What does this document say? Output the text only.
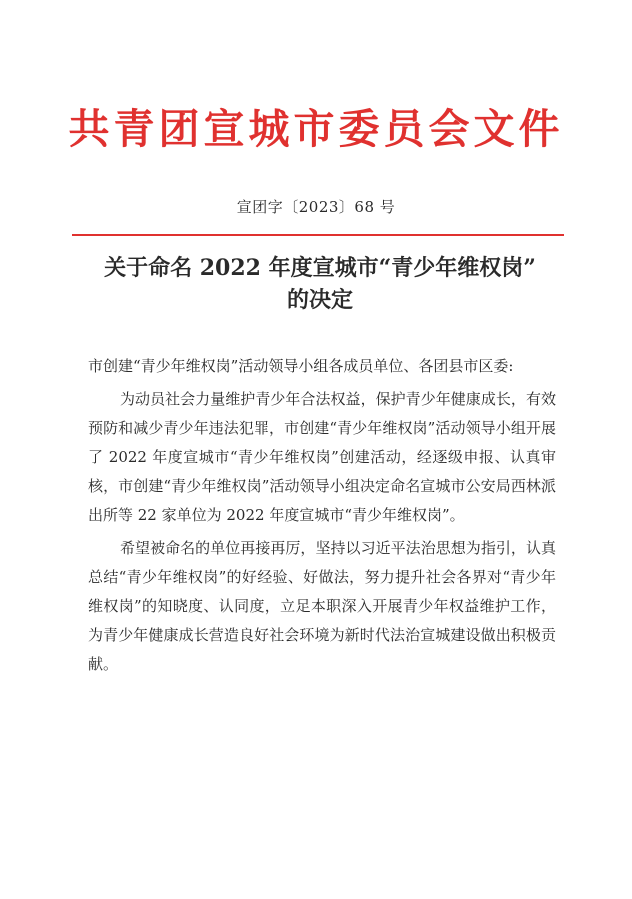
共青团宣城市委员会文件
宣团字〔2023〕68 号
关于命名 2022 年度宣城市“青少年维权岗”
的决定

市创建“青少年维权岗”活动领导小组各成员单位、各团县市区委:

为动员社会力量维护青少年合法权益，保护青少年健康成长，有效预防和减少青少年违法犯罪，市创建“青少年维权岗”活动领导小组开展了 2022 年度宣城市“青少年维权岗”创建活动，经逐级申报、认真审核，市创建“青少年维权岗”活动领导小组决定命名宣城市公安局西林派出所等 22 家单位为 2022 年度宣城市“青少年维权岗”。

希望被命名的单位再接再厉，坚持以习近平法治思想为指引，认真总结“青少年维权岗”的好经验、好做法，努力提升社会各界对“青少年维权岗”的知晓度、认同度，立足本职深入开展青少年权益维护工作，为青少年健康成长营造良好社会环境为新时代法治宣城建设做出积极贡献。
